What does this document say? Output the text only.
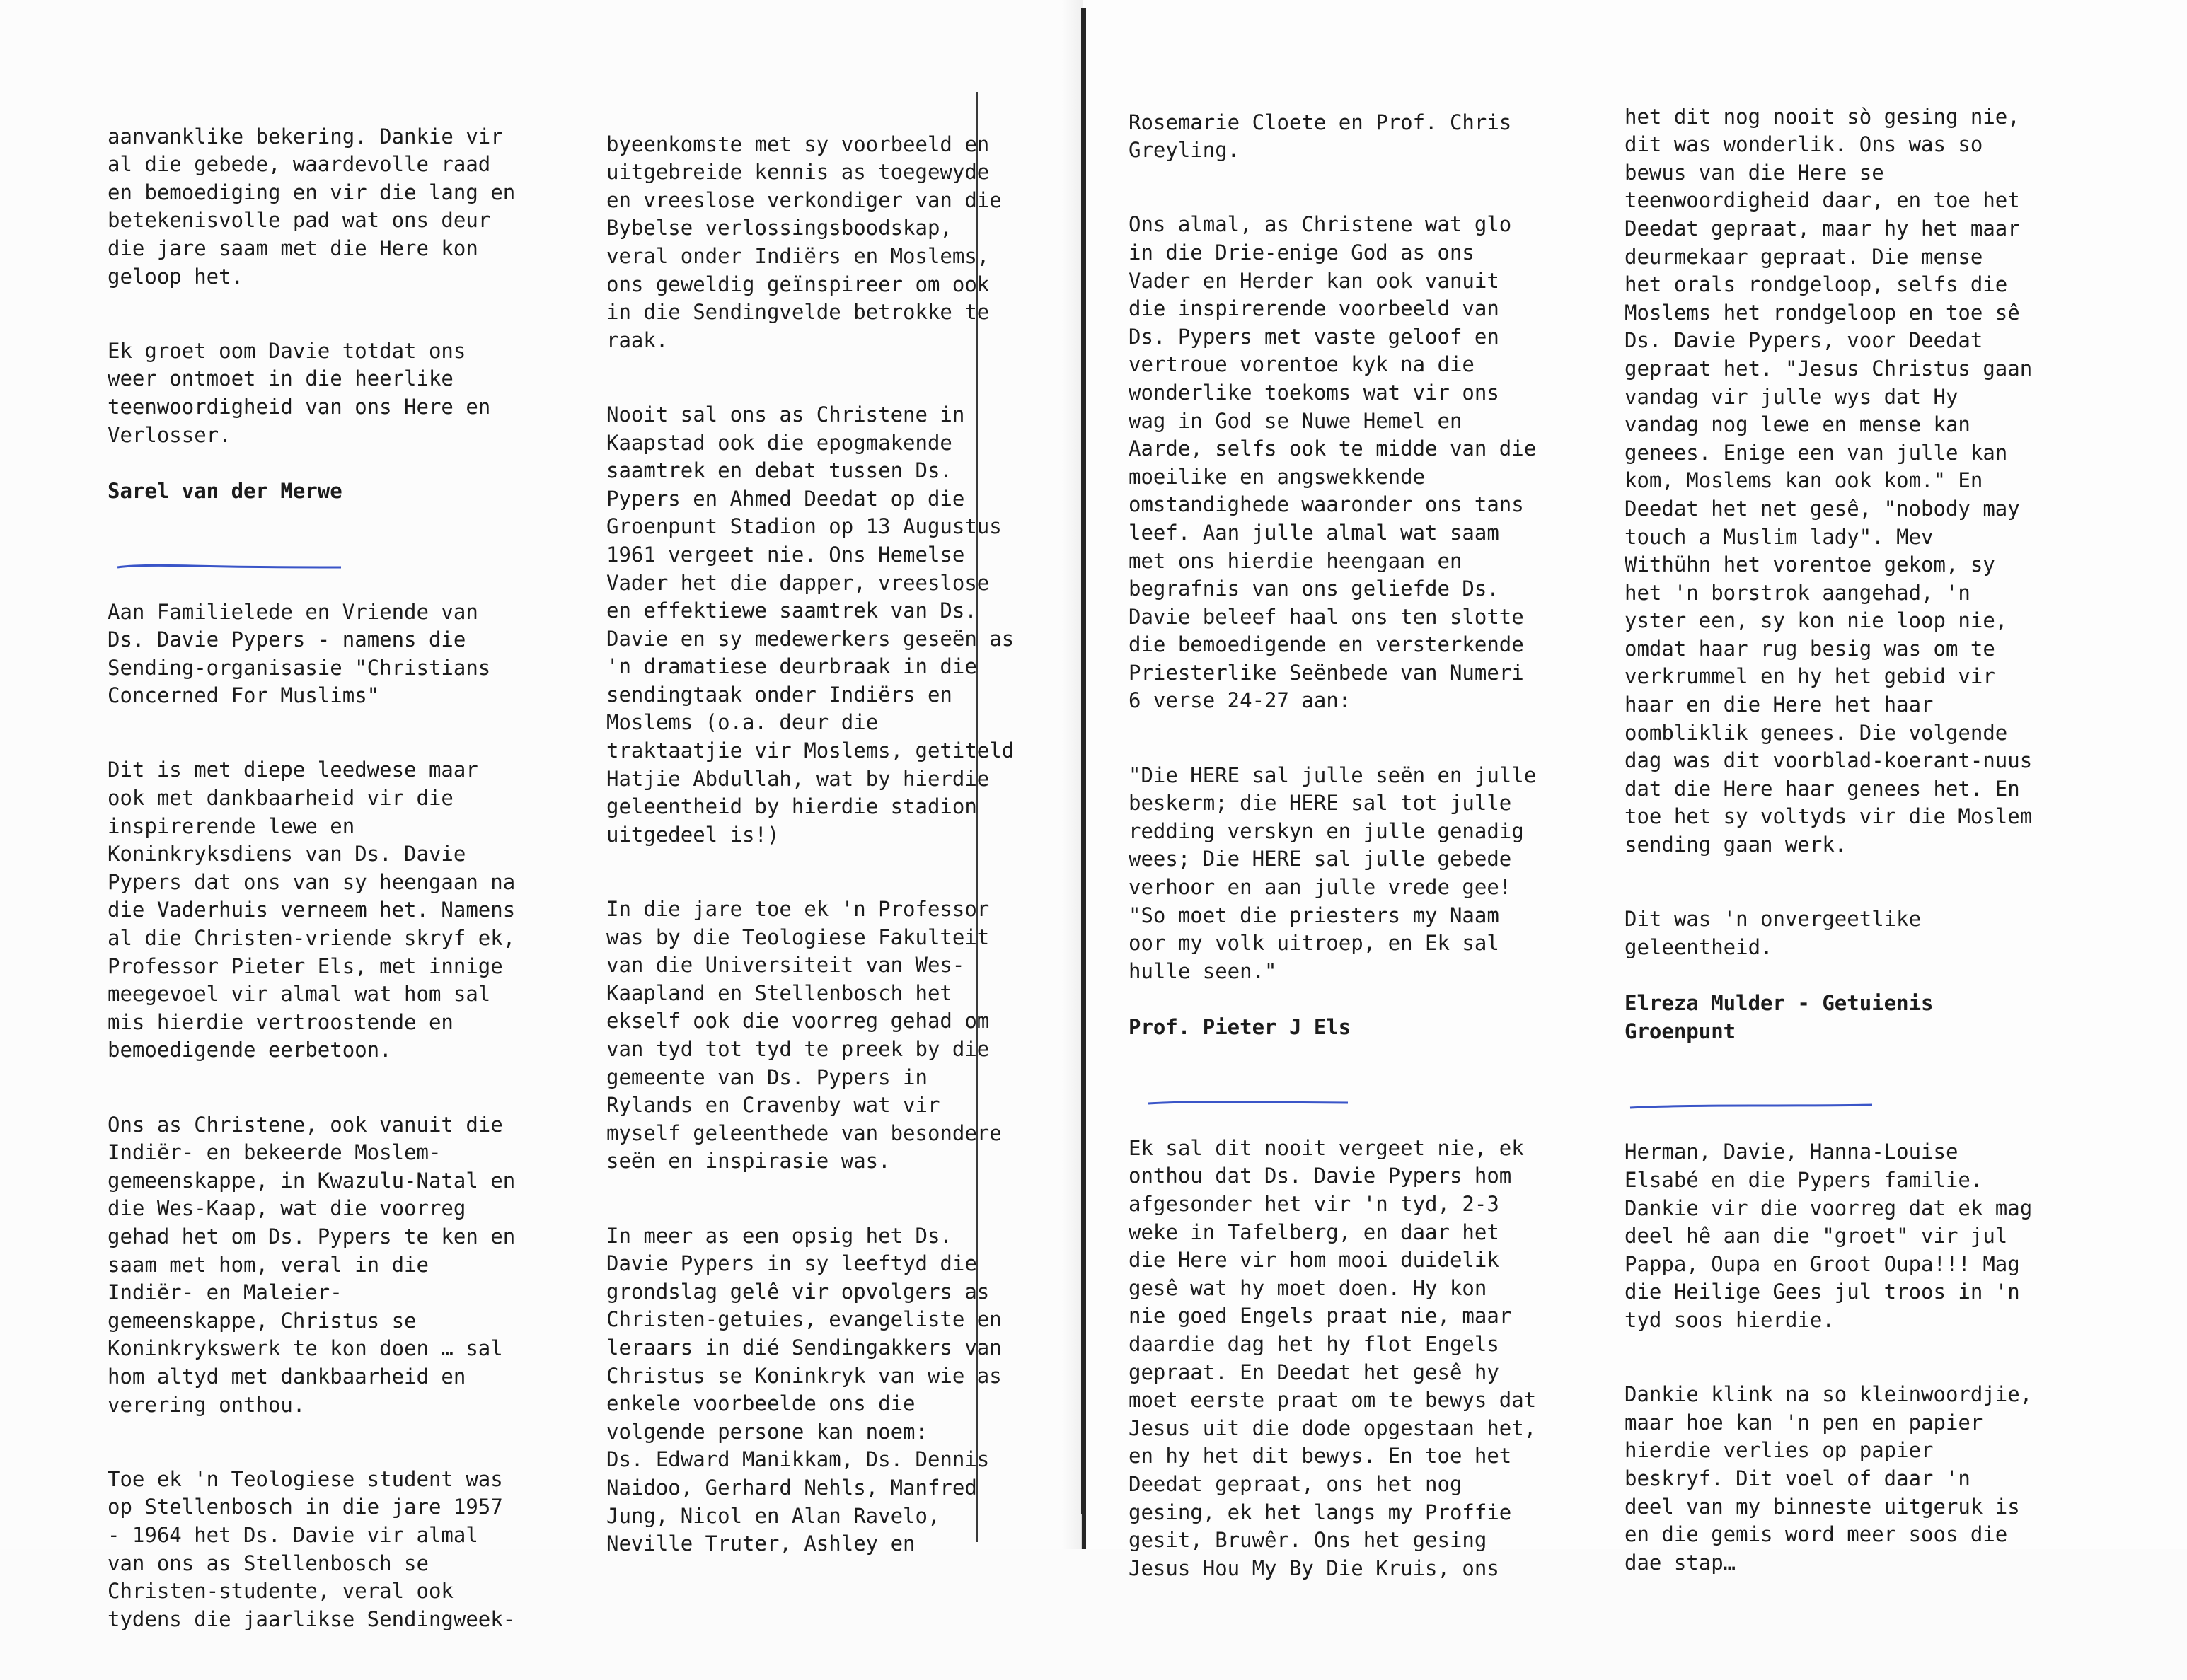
aanvanklike bekering. Dankie vir
al die gebede, waardevolle raad
en bemoediging en vir die lang en
betekenisvolle pad wat ons deur
die jare saam met die Here kon
geloop het.

Ek groet oom Davie totdat ons
weer ontmoet in die heerlike
teenwoordigheid van ons Here en
Verlosser.

Sarel van der Merwe

Aan Familielede en Vriende van
Ds. Davie Pypers - namens die
Sending-organisasie "Christians
Concerned For Muslims"

Dit is met diepe leedwese maar
ook met dankbaarheid vir die
inspirerende lewe en
Koninkryksdiens van Ds. Davie
Pypers dat ons van sy heengaan na
die Vaderhuis verneem het. Namens
al die Christen-vriende skryf ek,
Professor Pieter Els, met innige
meegevoel vir almal wat hom sal
mis hierdie vertroostende en
bemoedigende eerbetoon.

Ons as Christene, ook vanuit die
Indiër- en bekeerde Moslem-
gemeenskappe, in Kwazulu-Natal en
die Wes-Kaap, wat die voorreg
gehad het om Ds. Pypers te ken en
saam met hom, veral in die
Indiër- en Maleier-
gemeenskappe, Christus se
Koninkrykswerk te kon doen … sal
hom altyd met dankbaarheid en
verering onthou.

Toe ek 'n Teologiese student was
op Stellenbosch in die jare 1957
- 1964 het Ds. Davie vir almal
van ons as Stellenbosch se
Christen-studente, veral ook
tydens die jaarlikse Sendingweek-

byeenkomste met sy voorbeeld en
uitgebreide kennis as toegewyde
en vreeslose verkondiger van die
Bybelse verlossingsboodskap,
veral onder Indiërs en Moslems,
ons geweldig geïnspireer om ook
in die Sendingvelde betrokke te
raak.

Nooit sal ons as Christene in
Kaapstad ook die epogmakende
saamtrek en debat tussen Ds.
Pypers en Ahmed Deedat op die
Groenpunt Stadion op 13 Augustus
1961 vergeet nie. Ons Hemelse
Vader het die dapper, vreeslose
en effektiewe saamtrek van Ds.
Davie en sy medewerkers geseën as
'n dramatiese deurbraak in die
sendingtaak onder Indiërs en
Moslems (o.a. deur die
traktaatjie vir Moslems, getiteld
Hatjie Abdullah, wat by hierdie
geleentheid by hierdie stadion
uitgedeel is!)

In die jare toe ek 'n Professor
was by die Teologiese Fakulteit
van die Universiteit van Wes-
Kaapland en Stellenbosch het
ekself ook die voorreg gehad om
van tyd tot tyd te preek by die
gemeente van Ds. Pypers in
Rylands en Cravenby wat vir
myself geleenthede van besondere
seën en inspirasie was.

In meer as een opsig het Ds.
Davie Pypers in sy leeftyd die
grondslag gelê vir opvolgers as
Christen-getuies, evangeliste en
leraars in dié Sendingakkers van
Christus se Koninkryk van wie as
enkele voorbeelde ons die
volgende persone kan noem:
Ds. Edward Manikkam, Ds. Dennis
Naidoo, Gerhard Nehls, Manfred
Jung, Nicol en Alan Ravelo,
Neville Truter, Ashley en

Rosemarie Cloete en Prof. Chris
Greyling.

Ons almal, as Christene wat glo
in die Drie-enige God as ons
Vader en Herder kan ook vanuit
die inspirerende voorbeeld van
Ds. Pypers met vaste geloof en
vertroue vorentoe kyk na die
wonderlike toekoms wat vir ons
wag in God se Nuwe Hemel en
Aarde, selfs ook te midde van die
moeilike en angswekkende
omstandighede waaronder ons tans
leef. Aan julle almal wat saam
met ons hierdie heengaan en
begrafnis van ons geliefde Ds.
Davie beleef haal ons ten slotte
die bemoedigende en versterkende
Priesterlike Seënbede van Numeri
6 verse 24-27 aan:

"Die HERE sal julle seën en julle
beskerm; die HERE sal tot julle
redding verskyn en julle genadig
wees; Die HERE sal julle gebede
verhoor en aan julle vrede gee!
"So moet die priesters my Naam
oor my volk uitroep, en Ek sal
hulle seen."

Prof. Pieter J Els

Ek sal dit nooit vergeet nie, ek
onthou dat Ds. Davie Pypers hom
afgesonder het vir 'n tyd, 2-3
weke in Tafelberg, en daar het
die Here vir hom mooi duidelik
gesê wat hy moet doen. Hy kon
nie goed Engels praat nie, maar
daardie dag het hy flot Engels
gepraat. En Deedat het gesê hy
moet eerste praat om te bewys dat
Jesus uit die dode opgestaan het,
en hy het dit bewys. En toe het
Deedat gepraat, ons het nog
gesing, ek het langs my Proffie
gesit, Bruwêr. Ons het gesing
Jesus Hou My By Die Kruis, ons

het dit nog nooit sò gesing nie,
dit was wonderlik. Ons was so
bewus van die Here se
teenwoordigheid daar, en toe het
Deedat gepraat, maar hy het maar
deurmekaar gepraat. Die mense
het orals rondgeloop, selfs die
Moslems het rondgeloop en toe sê
Ds. Davie Pypers, voor Deedat
gepraat het. "Jesus Christus gaan
vandag vir julle wys dat Hy
vandag nog lewe en mense kan
genees. Enige een van julle kan
kom, Moslems kan ook kom." En
Deedat het net gesê, "nobody may
touch a Muslim lady". Mev
Withühn het vorentoe gekom, sy
het 'n borstrok aangehad, 'n
yster een, sy kon nie loop nie,
omdat haar rug besig was om te
verkrummel en hy het gebid vir
haar en die Here het haar
oombliklik genees. Die volgende
dag was dit voorblad-koerant-nuus
dat die Here haar genees het. En
toe het sy voltyds vir die Moslem
sending gaan werk.

Dit was 'n onvergeetlike
geleentheid.

Elreza Mulder - Getuienis
Groenpunt

Herman, Davie, Hanna-Louise
Elsabé en die Pypers familie.
Dankie vir die voorreg dat ek mag
deel hê aan die "groet" vir jul
Pappa, Oupa en Groot Oupa!!! Mag
die Heilige Gees jul troos in 'n
tyd soos hierdie.

Dankie klink na so kleinwoordjie,
maar hoe kan 'n pen en papier
hierdie verlies op papier
beskryf. Dit voel of daar 'n
deel van my binneste uitgeruk is
en die gemis word meer soos die
dae stap…
